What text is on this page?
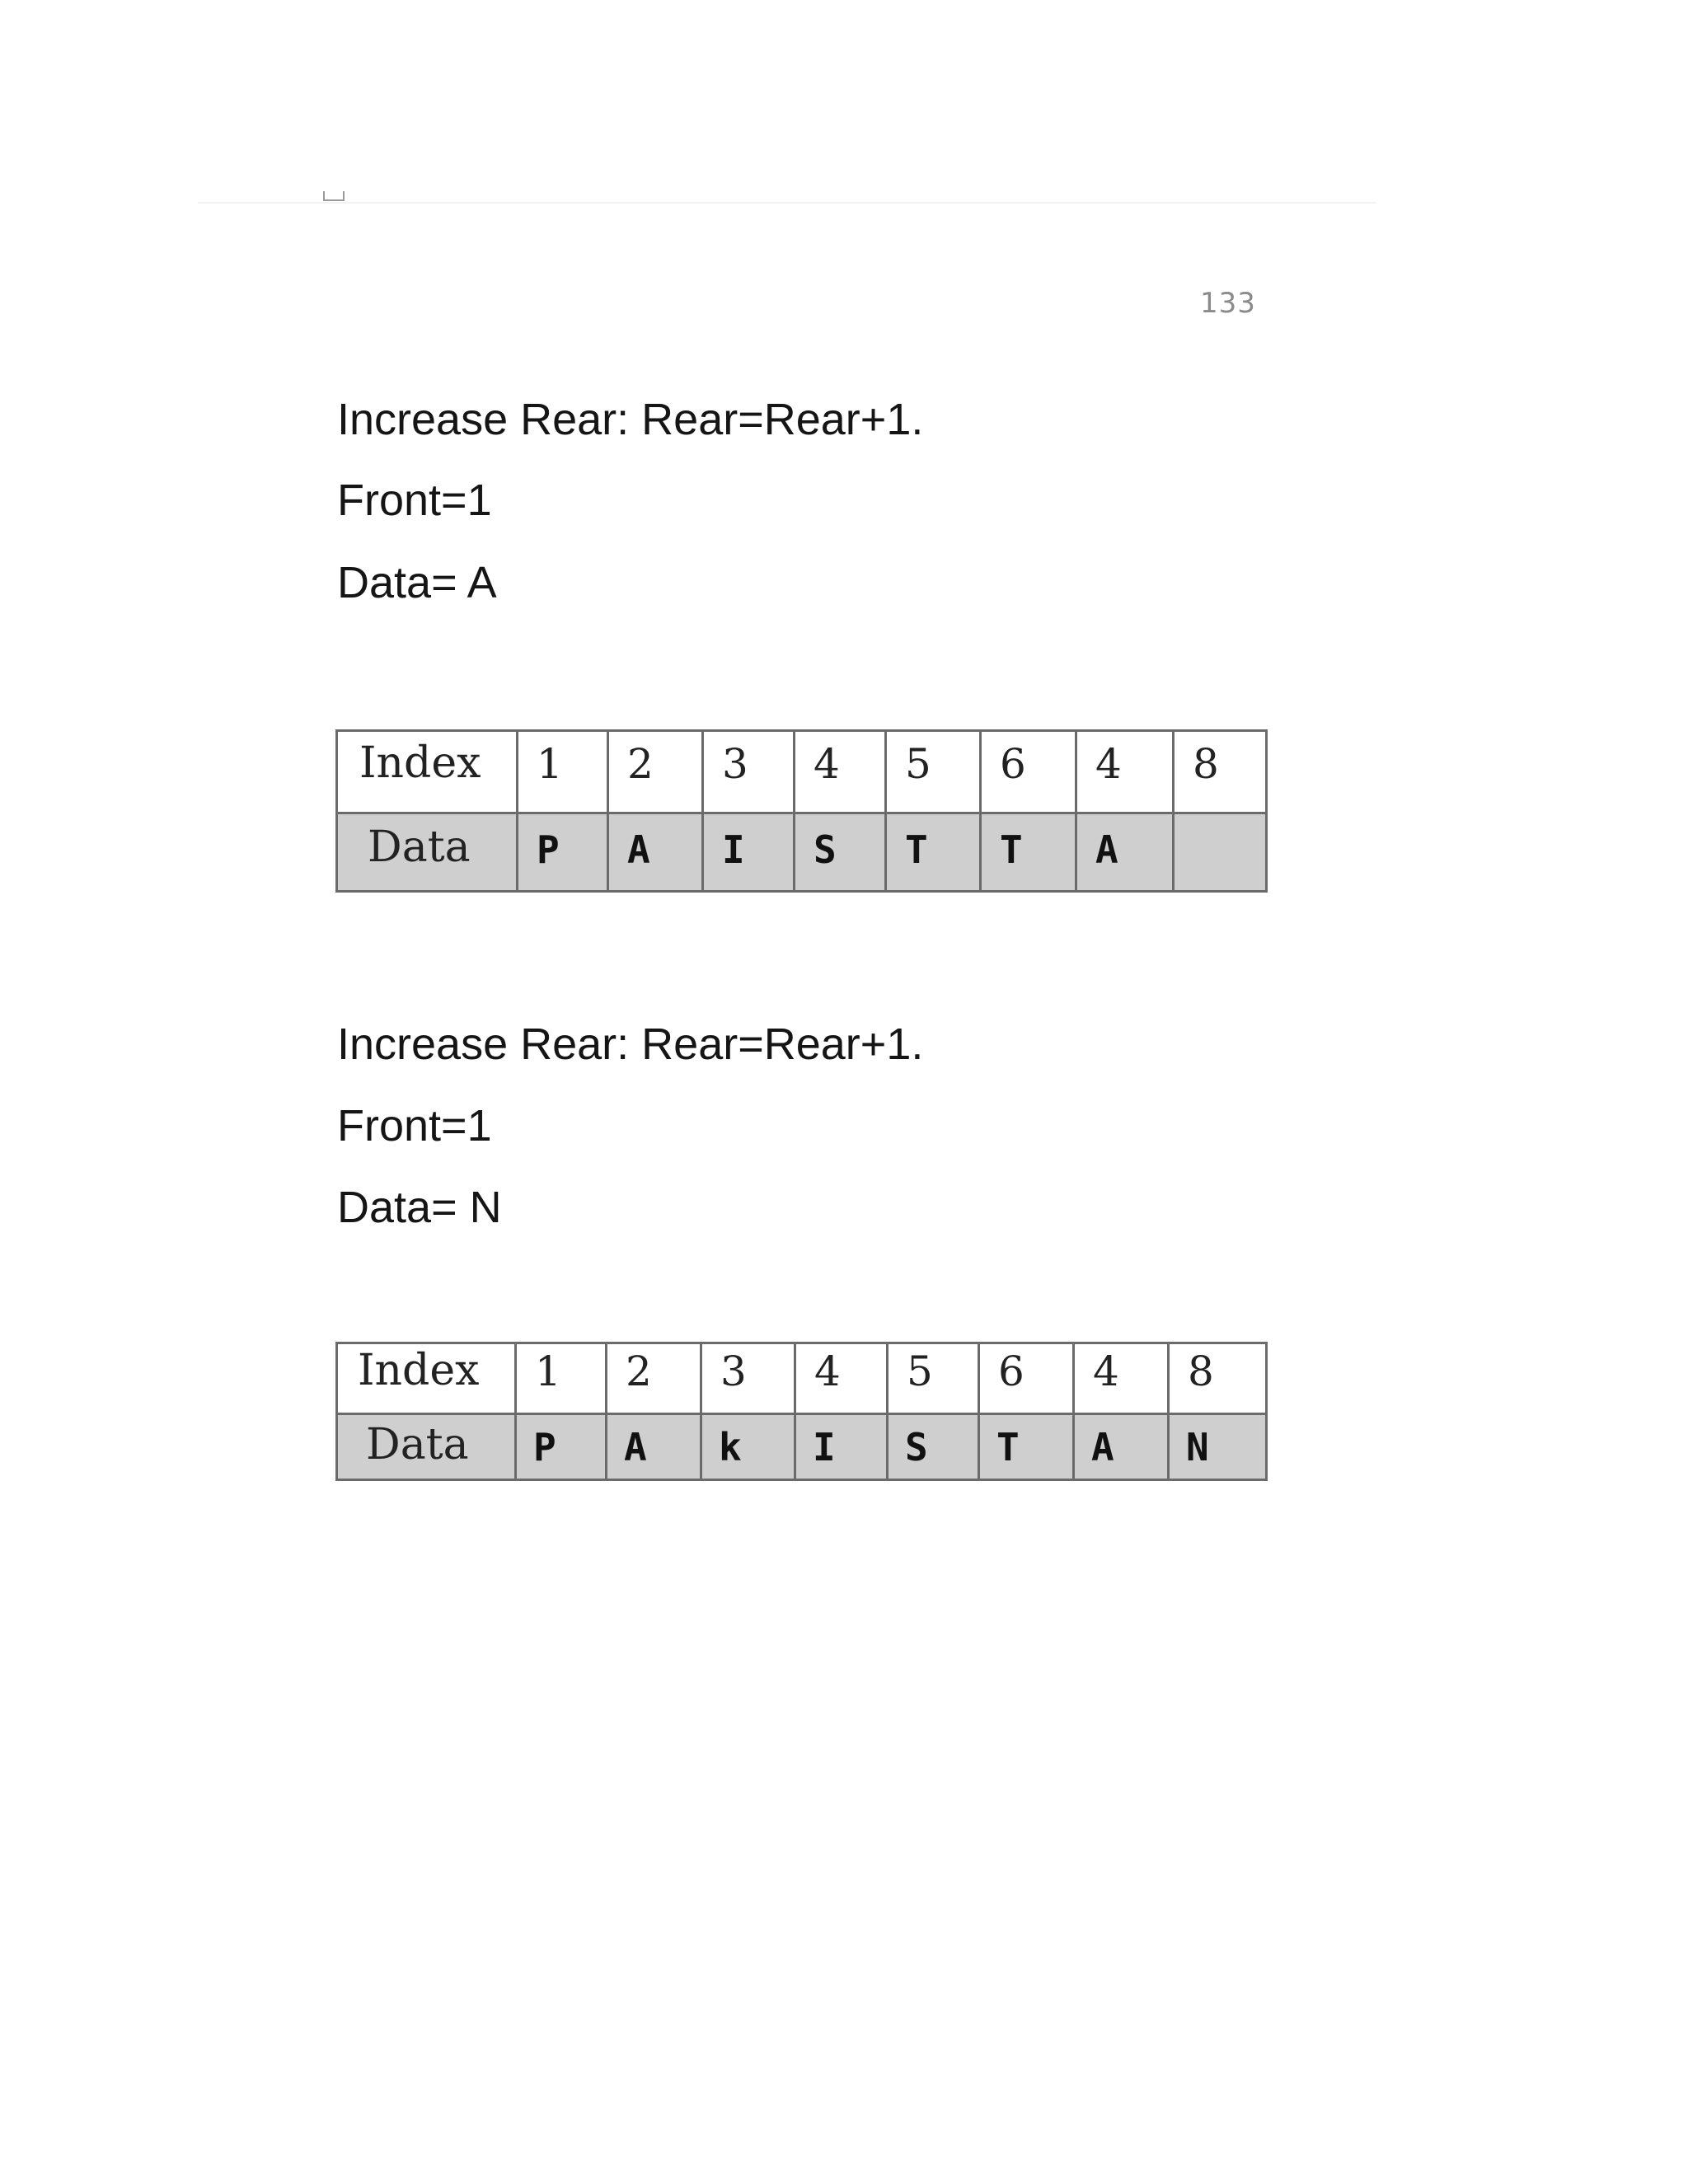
133
Increase Rear: Rear=Rear+1.
Front=1
Data= A
Index	1	2	3	4	5	6	4	8
Data	P	A	I	S	T	T	A	
Increase Rear: Rear=Rear+1.
Front=1
Data= N
Index	1	2	3	4	5	6	4	8
Data	P	A	k	I	S	T	A	N
